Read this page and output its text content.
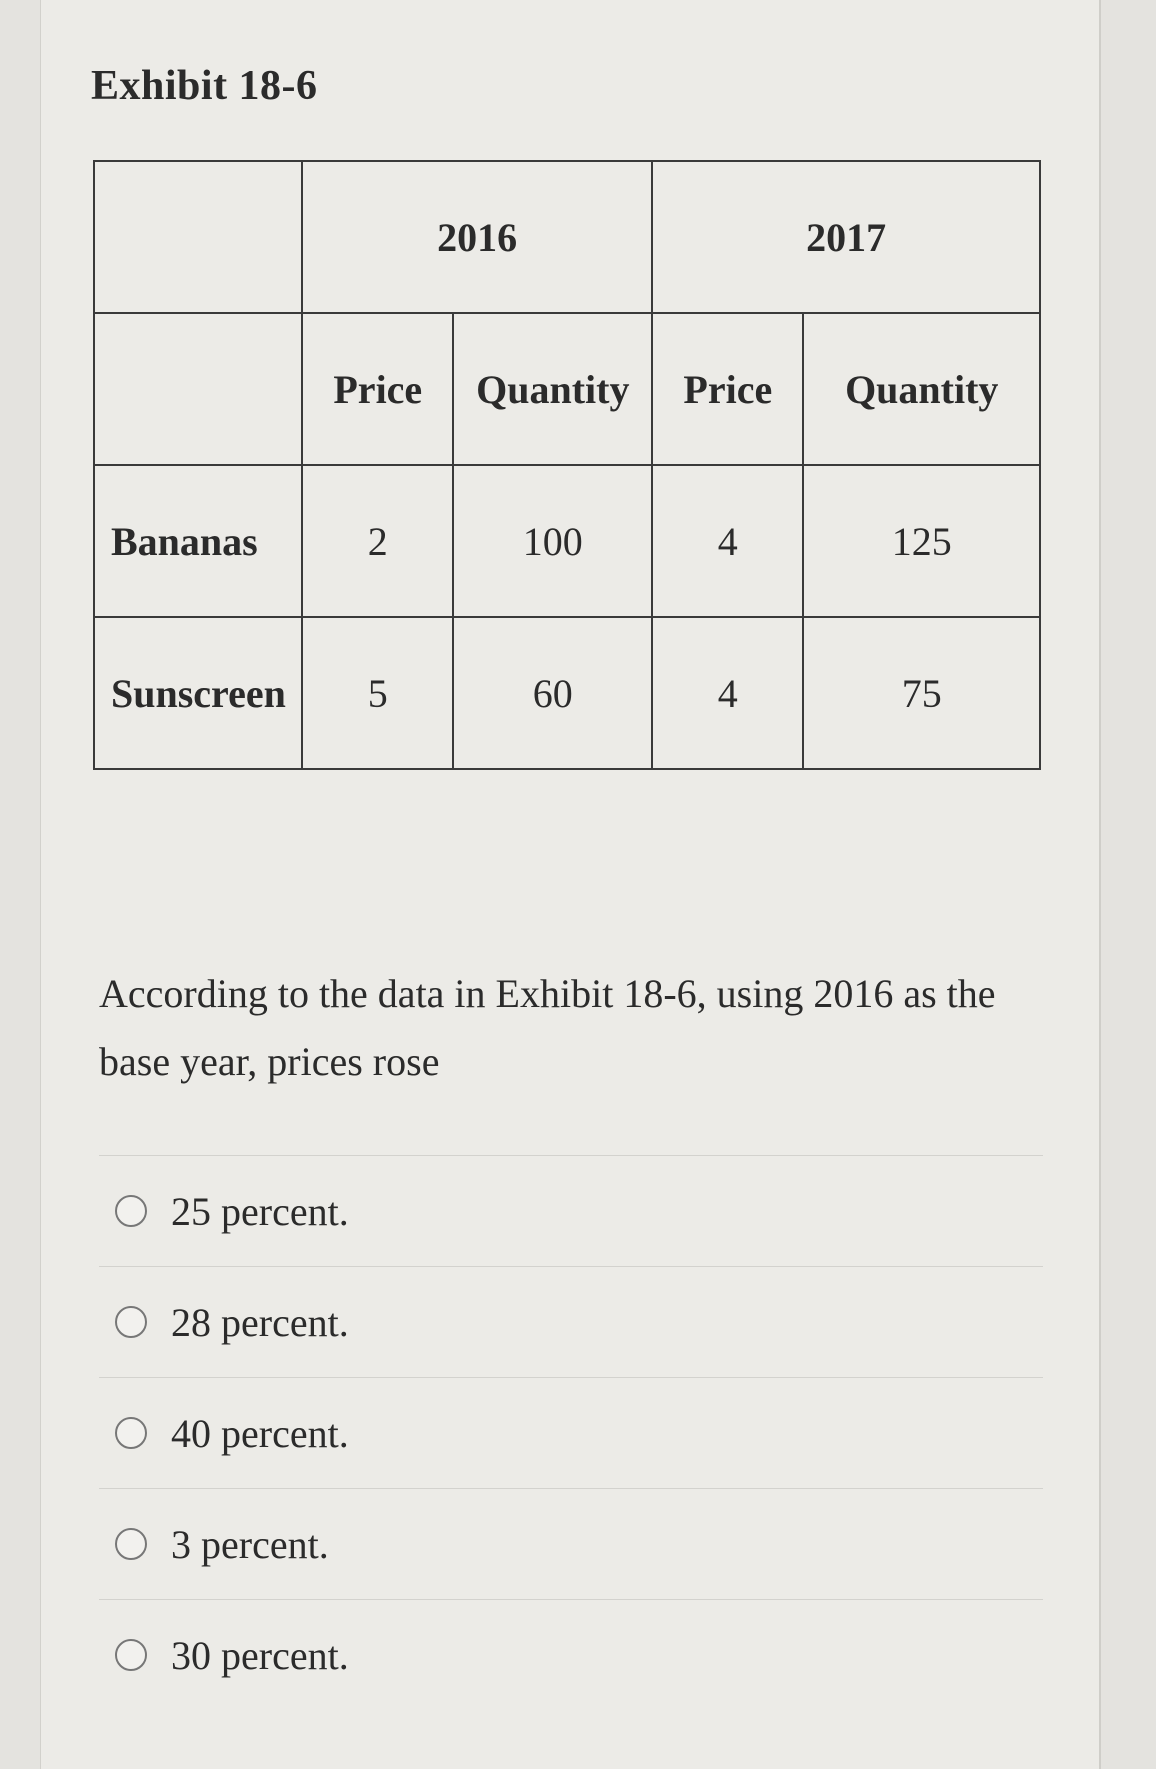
Exhibit 18-6
	2016		2017	
	Price	Quantity	Price	Quantity
Bananas	2	100	4	125
Sunscreen	5	60	4	75
According to the data in Exhibit 18-6, using 2016 as the base year, prices rose
25 percent.
28 percent.
40 percent.
3 percent.
30 percent.
